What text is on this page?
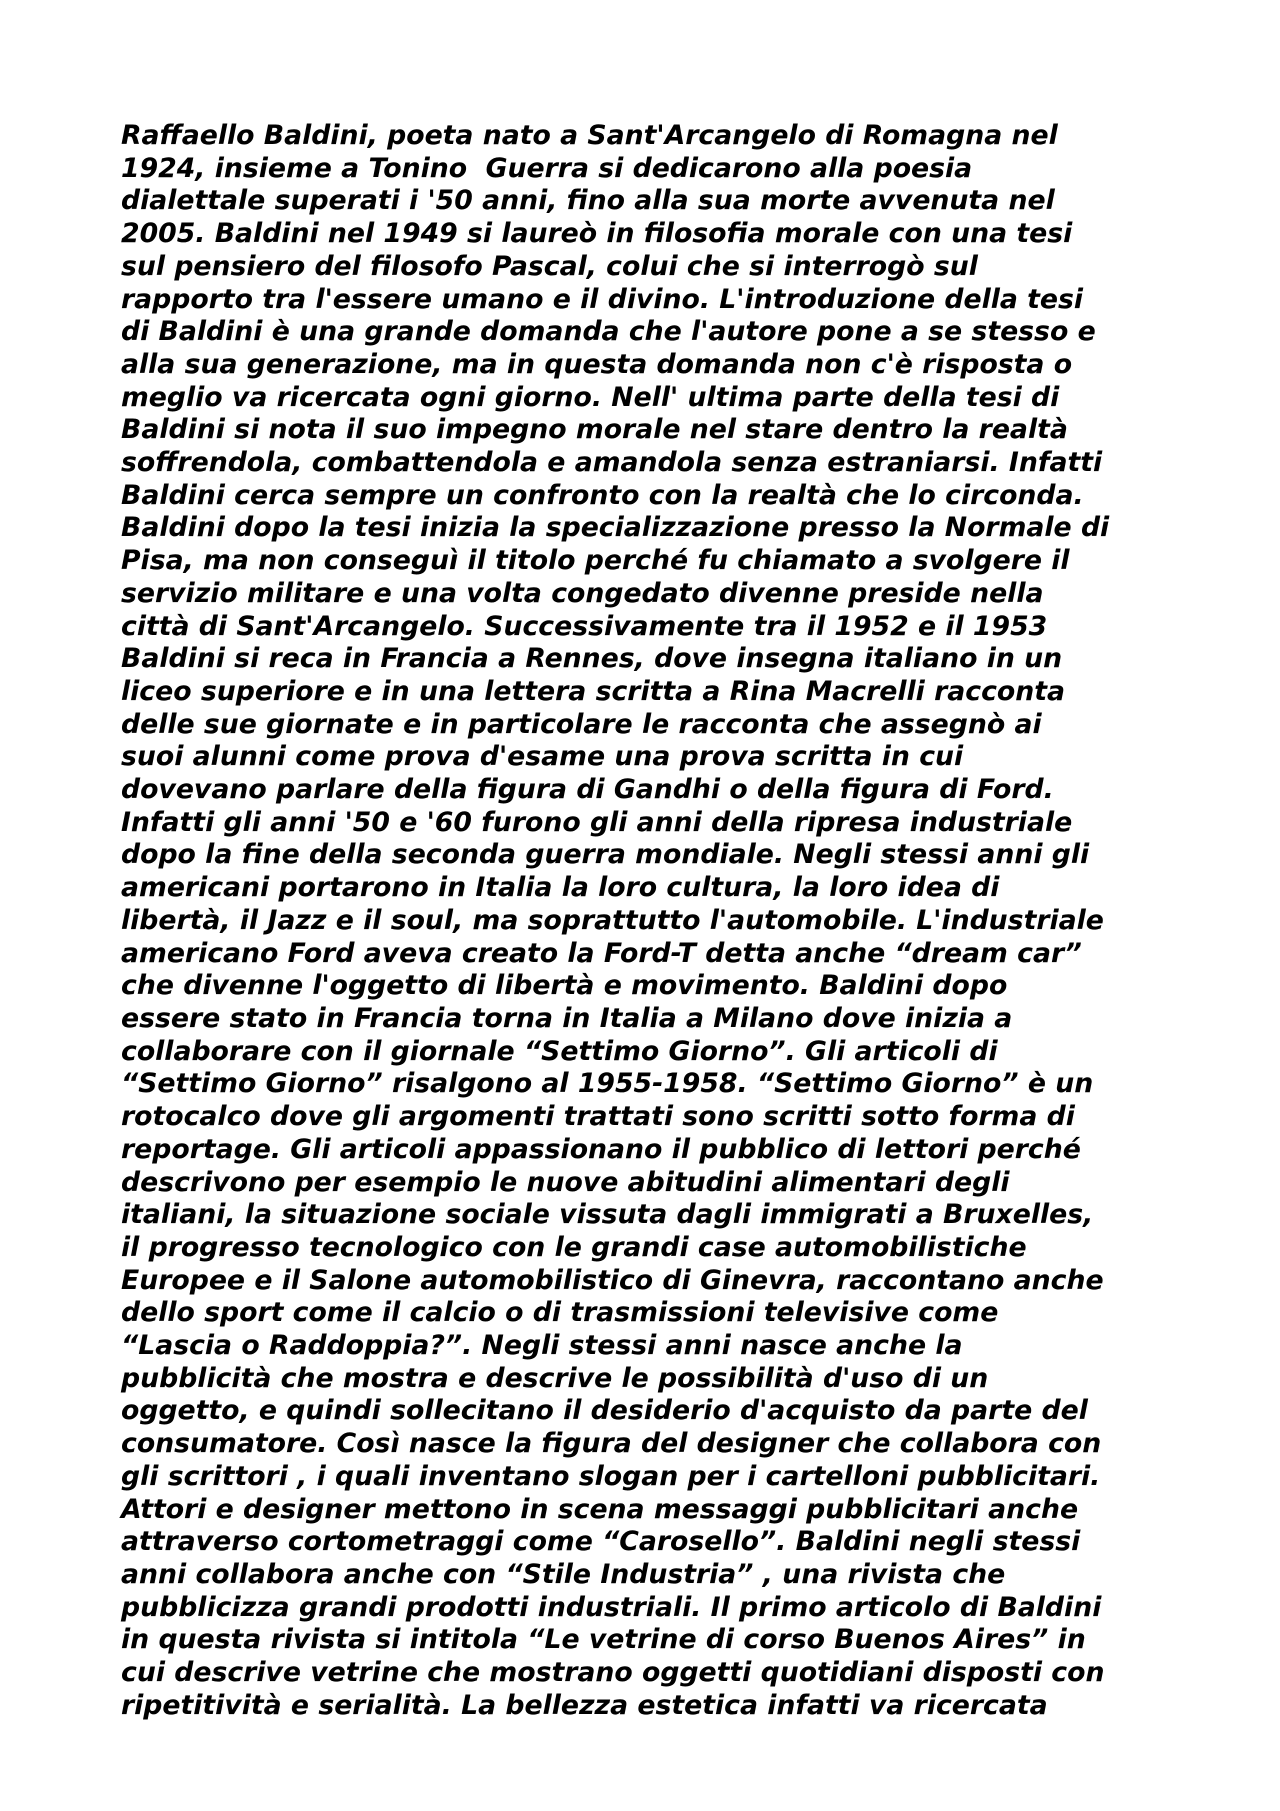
Raffaello Baldini, poeta nato a Sant'Arcangelo di Romagna nel
1924, insieme a Tonino  Guerra si dedicarono alla poesia
dialettale superati i '50 anni, fino alla sua morte avvenuta nel
2005. Baldini nel 1949 si laureò in filosofia morale con una tesi
sul pensiero del filosofo Pascal, colui che si interrogò sul
rapporto tra l'essere umano e il divino. L'introduzione della tesi
di Baldini è una grande domanda che l'autore pone a se stesso e
alla sua generazione, ma in questa domanda non c'è risposta o
meglio va ricercata ogni giorno. Nell' ultima parte della tesi di
Baldini si nota il suo impegno morale nel stare dentro la realtà
soffrendola, combattendola e amandola senza estraniarsi. Infatti
Baldini cerca sempre un confronto con la realtà che lo circonda.
Baldini dopo la tesi inizia la specializzazione presso la Normale di
Pisa, ma non conseguì il titolo perché fu chiamato a svolgere il
servizio militare e una volta congedato divenne preside nella
città di Sant'Arcangelo. Successivamente tra il 1952 e il 1953
Baldini si reca in Francia a Rennes, dove insegna italiano in un
liceo superiore e in una lettera scritta a Rina Macrelli racconta
delle sue giornate e in particolare le racconta che assegnò ai
suoi alunni come prova d'esame una prova scritta in cui
dovevano parlare della figura di Gandhi o della figura di Ford.
Infatti gli anni '50 e '60 furono gli anni della ripresa industriale
dopo la fine della seconda guerra mondiale. Negli stessi anni gli
americani portarono in Italia la loro cultura, la loro idea di
libertà, il Jazz e il soul, ma soprattutto l'automobile. L'industriale
americano Ford aveva creato la Ford-T detta anche “dream car”
che divenne l'oggetto di libertà e movimento. Baldini dopo
essere stato in Francia torna in Italia a Milano dove inizia a
collaborare con il giornale “Settimo Giorno”. Gli articoli di
“Settimo Giorno” risalgono al 1955-1958. “Settimo Giorno” è un
rotocalco dove gli argomenti trattati sono scritti sotto forma di
reportage. Gli articoli appassionano il pubblico di lettori perché
descrivono per esempio le nuove abitudini alimentari degli
italiani, la situazione sociale vissuta dagli immigrati a Bruxelles,
il progresso tecnologico con le grandi case automobilistiche
Europee e il Salone automobilistico di Ginevra, raccontano anche
dello sport come il calcio o di trasmissioni televisive come
“Lascia o Raddoppia?”. Negli stessi anni nasce anche la
pubblicità che mostra e descrive le possibilità d'uso di un
oggetto, e quindi sollecitano il desiderio d'acquisto da parte del
consumatore. Così nasce la figura del designer che collabora con
gli scrittori , i quali inventano slogan per i cartelloni pubblicitari.
Attori e designer mettono in scena messaggi pubblicitari anche
attraverso cortometraggi come “Carosello”. Baldini negli stessi
anni collabora anche con “Stile Industria” , una rivista che
pubblicizza grandi prodotti industriali. Il primo articolo di Baldini
in questa rivista si intitola “Le vetrine di corso Buenos Aires” in
cui descrive vetrine che mostrano oggetti quotidiani disposti con
ripetitività e serialità. La bellezza estetica infatti va ricercata
